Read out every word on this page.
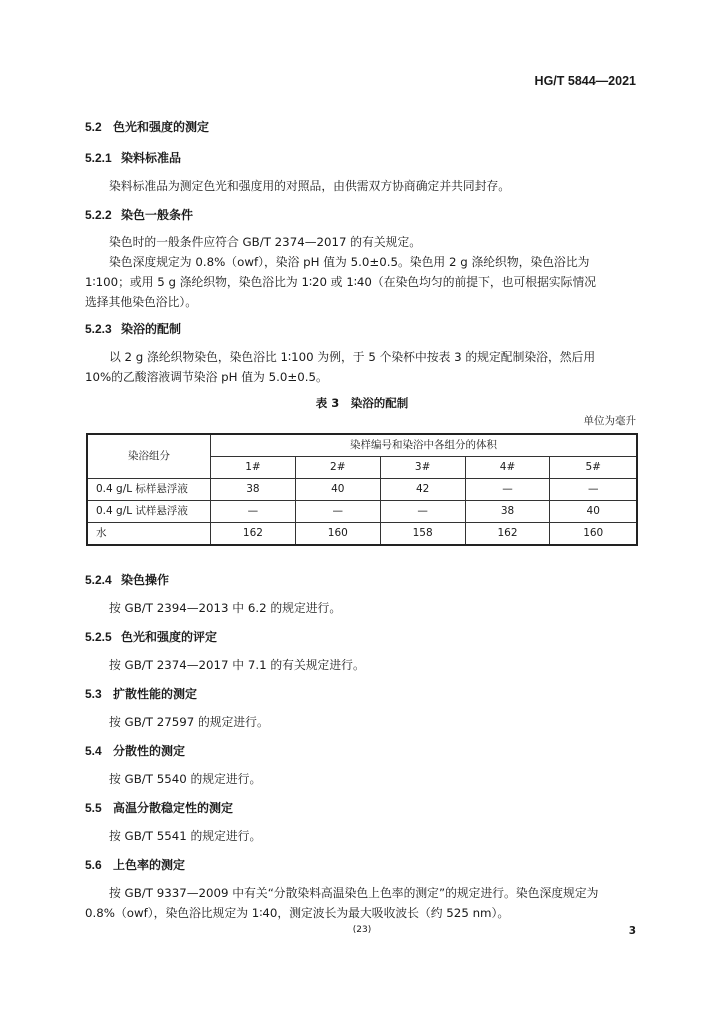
HG/T 5844—2021
5.2 色光和强度的测定
5.2.1 染料标准品
染料标准品为测定色光和强度用的对照品，由供需双方协商确定并共同封存。
5.2.2 染色一般条件
染色时的一般条件应符合 GB/T 2374—2017 的有关规定。
染色深度规定为 0.8%（owf），染浴 pH 值为 5.0±0.5。染色用 2 g 涤纶织物，染色浴比为
1∶100；或用 5 g 涤纶织物，染色浴比为 1∶20 或 1∶40（在染色均匀的前提下，也可根据实际情况
选择其他染色浴比）。
5.2.3 染浴的配制
以 2 g 涤纶织物染色，染色浴比 1∶100 为例，于 5 个染杯中按表 3 的规定配制染浴，然后用
10%的乙酸溶液调节染浴 pH 值为 5.0±0.5。
表 3　染浴的配制
单位为毫升
染浴组分	染样编号和染浴中各组分的体积				
	1#	2#	3#	4#	5#
0.4 g/L 标样悬浮液	38	40	42	—	—
0.4 g/L 试样悬浮液	—	—	—	38	40
水	162	160	158	162	160
5.2.4 染色操作
按 GB/T 2394—2013 中 6.2 的规定进行。
5.2.5 色光和强度的评定
按 GB/T 2374—2017 中 7.1 的有关规定进行。
5.3 扩散性能的测定
按 GB/T 27597 的规定进行。
5.4 分散性的测定
按 GB/T 5540 的规定进行。
5.5 高温分散稳定性的测定
按 GB/T 5541 的规定进行。
5.6 上色率的测定
按 GB/T 9337—2009 中有关“分散染料高温染色上色率的测定”的规定进行。染色深度规定为
0.8%（owf），染色浴比规定为 1∶40，测定波长为最大吸收波长（约 525 nm）。
(23)	3
